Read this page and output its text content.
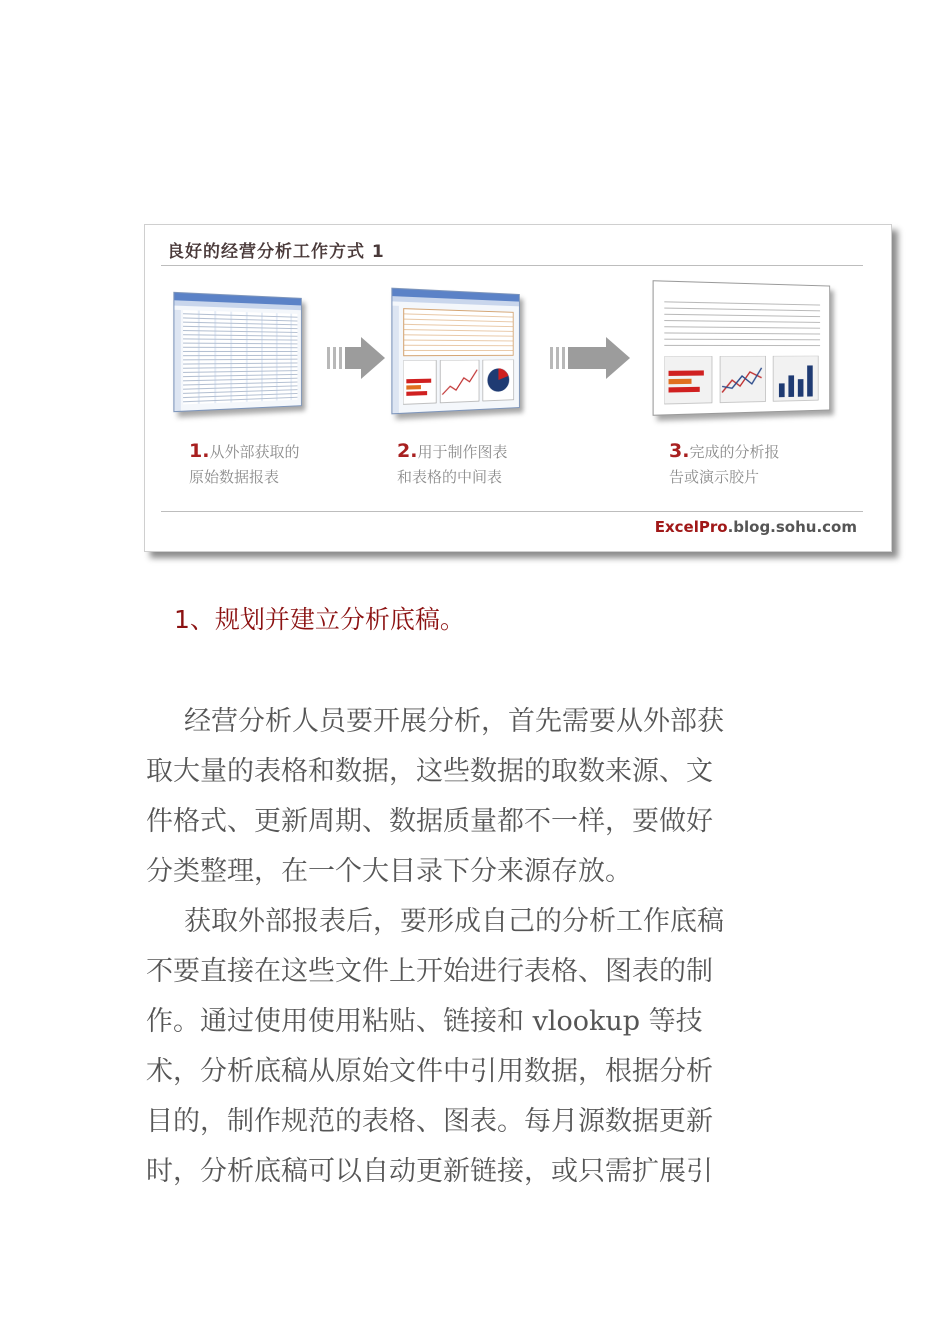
良好的经营分析工作方式 1
1.从外部获取的
原始数据报表
2.用于制作图表
和表格的中间表
3.完成的分析报
告或演示胶片
ExcelPro.blog.sohu.com
1、规划并建立分析底稿。
经营分析人员要开展分析，首先需要从外部获
取大量的表格和数据，这些数据的取数来源、文
件格式、更新周期、数据质量都不一样，要做好
分类整理，在一个大目录下分来源存放。
获取外部报表后，要形成自己的分析工作底稿
不要直接在这些文件上开始进行表格、图表的制
作。通过使用使用粘贴、链接和 vlookup 等技
术，分析底稿从原始文件中引用数据，根据分析
目的，制作规范的表格、图表。每月源数据更新
时，分析底稿可以自动更新链接，或只需扩展引
